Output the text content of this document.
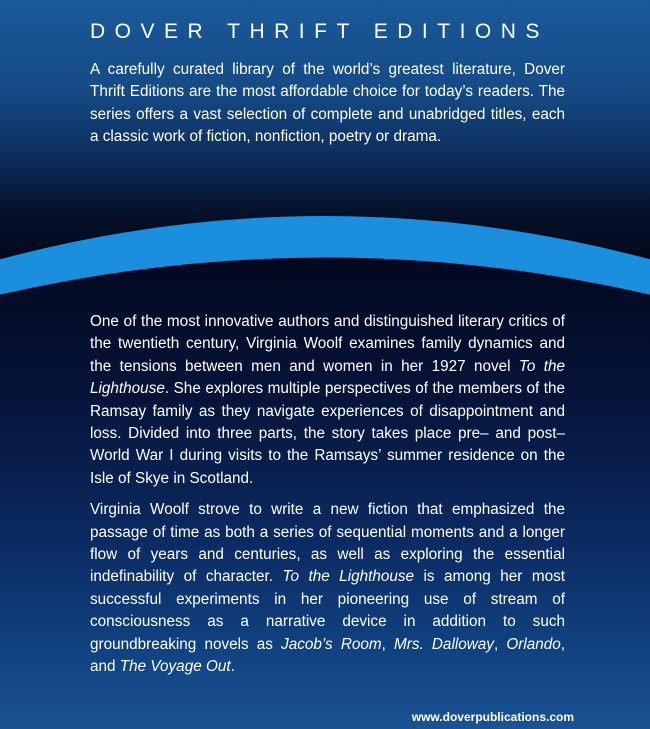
DOVER THRIFT EDITIONS

A carefully curated library of the world’s greatest literature, Dover Thrift Editions are the most affordable choice for today’s readers. The series offers a vast selection of complete and unabridged titles, each a classic work of fiction, nonfiction, poetry or drama.

One of the most innovative authors and distinguished literary critics of the twentieth century, Virginia Woolf examines family dynamics and the tensions between men and women in her 1927 novel To the Lighthouse. She explores multiple perspectives of the members of the Ramsay family as they navigate experiences of disappointment and loss. Divided into three parts, the story takes place pre– and post–World War I during visits to the Ramsays’ summer residence on the Isle of Skye in Scotland.

Virginia Woolf strove to write a new fiction that emphasized the passage of time as both a series of sequential moments and a longer flow of years and centuries, as well as exploring the essential indefinability of character. To the Lighthouse is among her most successful experiments in her pioneering use of stream of consciousness as a narrative device in addition to such groundbreaking novels as Jacob’s Room, Mrs. Dalloway, Orlando, and The Voyage Out.

www.doverpublications.com
